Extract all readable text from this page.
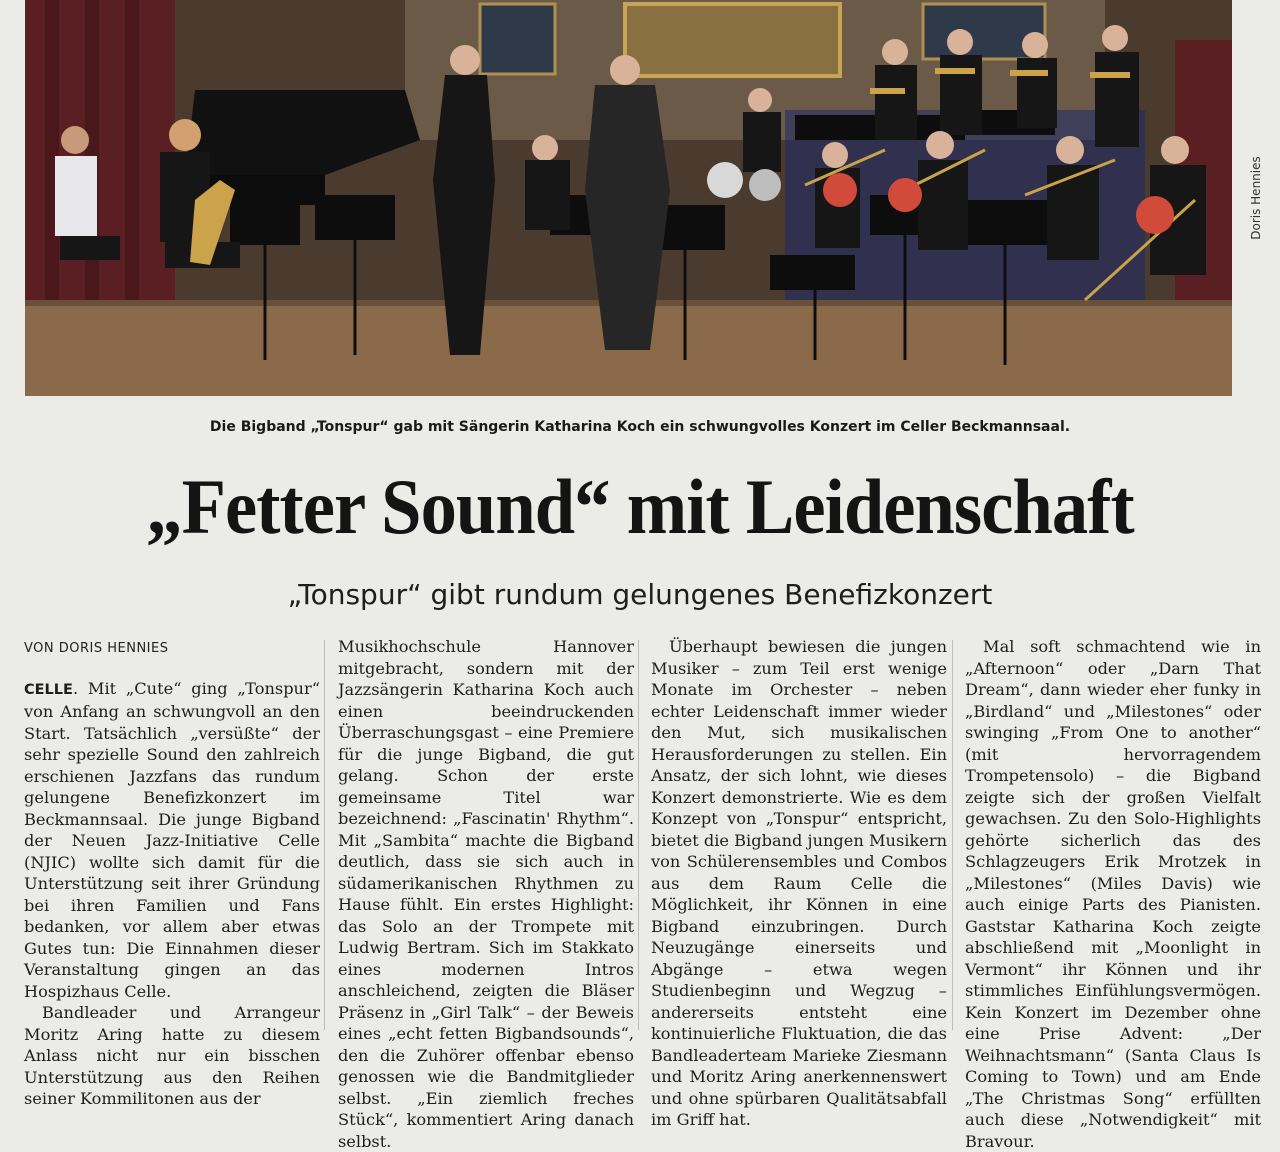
Doris Hennies
Die Bigband „Tonspur“ gab mit Sängerin Katharina Koch ein schwungvolles Konzert im Celler Beckmannsaal.
„Fetter Sound“ mit Leidenschaft
„Tonspur“ gibt rundum gelungenes Benefizkonzert
VON DORIS HENNIES

CELLE. Mit „Cute“ ging „Tonspur“ von Anfang an schwungvoll an den Start. Tatsächlich „versüßte“ der sehr spezielle Sound den zahlreich erschienen Jazzfans das rundum gelungene Benefizkonzert im Beckmannsaal. Die junge Bigband der Neuen Jazz-Initiative Celle (NJIC) wollte sich damit für die Unterstützung seit ihrer Gründung bei ihren Familien und Fans bedanken, vor allem aber etwas Gutes tun: Die Einnahmen dieser Veranstaltung gingen an das Hospizhaus Celle.

Bandleader und Arrangeur Moritz Aring hatte zu diesem Anlass nicht nur ein bisschen Unterstützung aus den Reihen seiner Kommilitonen aus der

Musikhochschule Hannover mitgebracht, sondern mit der Jazzsängerin Katharina Koch auch einen beeindruckenden Überraschungsgast – eine Premiere für die junge Bigband, die gut gelang. Schon der erste gemeinsame Titel war bezeichnend: „Fascinatin' Rhythm“. Mit „Sambita“ machte die Bigband deutlich, dass sie sich auch in südamerikanischen Rhythmen zu Hause fühlt. Ein erstes Highlight: das Solo an der Trompete mit Ludwig Bertram. Sich im Stakkato eines modernen Intros anschleichend, zeigten die Bläser Präsenz in „Girl Talk“ – der Beweis eines „echt fetten Bigbandsounds“, den die Zuhörer offenbar ebenso genossen wie die Bandmitglieder selbst. „Ein ziemlich freches Stück“, kommentiert Aring danach selbst.

Überhaupt bewiesen die jungen Musiker – zum Teil erst wenige Monate im Orchester – neben echter Leidenschaft immer wieder den Mut, sich musikalischen Herausforderungen zu stellen. Ein Ansatz, der sich lohnt, wie dieses Konzert demonstrierte. Wie es dem Konzept von „Tonspur“ entspricht, bietet die Bigband jungen Musikern von Schülerensembles und Combos aus dem Raum Celle die Möglichkeit, ihr Können in eine Bigband einzubringen. Durch Neuzugänge einerseits und Abgänge – etwa wegen Studienbeginn und Wegzug – andererseits entsteht eine kontinuierliche Fluktuation, die das Bandleaderteam Marieke Ziesmann und Moritz Aring anerkennenswert und ohne spürbaren Qualitätsabfall im Griff hat.

Mal soft schmachtend wie in „Afternoon“ oder „Darn That Dream“, dann wieder eher funky in „Birdland“ und „Milestones“ oder swinging „From One to another“ (mit hervorragendem Trompetensolo) – die Bigband zeigte sich der großen Vielfalt gewachsen. Zu den Solo-Highlights gehörte sicherlich das des Schlagzeugers Erik Mrotzek in „Milestones“ (Miles Davis) wie auch einige Parts des Pianisten. Gaststar Katharina Koch zeigte abschließend mit „Moonlight in Vermont“ ihr Können und ihr stimmliches Einfühlungsvermögen. Kein Konzert im Dezember ohne eine Prise Advent: „Der Weihnachtsmann“ (Santa Claus Is Coming to Town) und am Ende „The Christmas Song“ erfüllten auch diese „Notwendigkeit“ mit Bravour.
